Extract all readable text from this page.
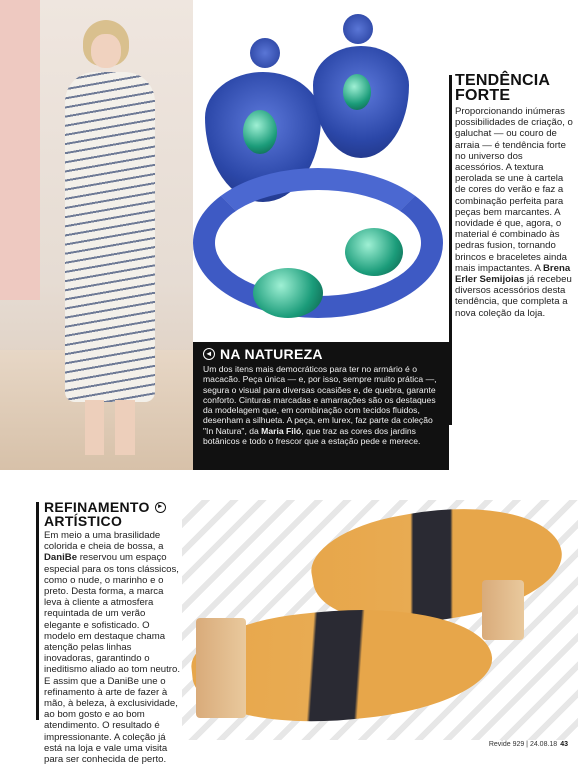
TENDÊNCIA
FORTE

Proporcionando inúmeras possibilidades de criação, o galuchat — ou couro de arraia — é tendência forte no universo dos acessórios. A textura perolada se une à cartela de cores do verão e faz a combinação perfeita para peças bem marcantes. A novidade é que, agora, o material é combinado às pedras fusion, tornando brincos e braceletes ainda mais impactantes. A Brena Erler Semijoias já recebeu diversos acessórios desta tendência, que completa a nova coleção da loja.

◂ NA NATUREZA

Um dos itens mais democráticos para ter no armário é o macacão. Peça única — e, por isso, sempre muito prática —, segura o visual para diversas ocasiões e, de quebra, garante conforto. Cinturas marcadas e amarrações são os destaques da modelagem que, em combinação com tecidos fluidos, desenham a silhueta. A peça, em lurex, faz parte da coleção "In Natura", da Maria Filó, que traz as cores dos jardins botânicos e todo o frescor que a estação pede e merece.

REFINAMENTO	▸
ARTÍSTICO

Em meio a uma brasilidade colorida e cheia de bossa, a DaniBe reservou um espaço especial para os tons clássicos, como o nude, o marinho e o preto. Desta forma, a marca leva à cliente a atmosfera requintada de um verão elegante e sofisticado. O modelo em destaque chama atenção pelas linhas inovadoras, garantindo o ineditismo aliado ao tom neutro. E assim que a DaniBe une o refinamento à arte de fazer à mão, à beleza, à exclusividade, ao bom gosto e ao bom atendimento. O resultado é impressionante. A coleção já está na loja e vale uma visita para ser conhecida de perto.

Revide 929 | 24.08.18 43
